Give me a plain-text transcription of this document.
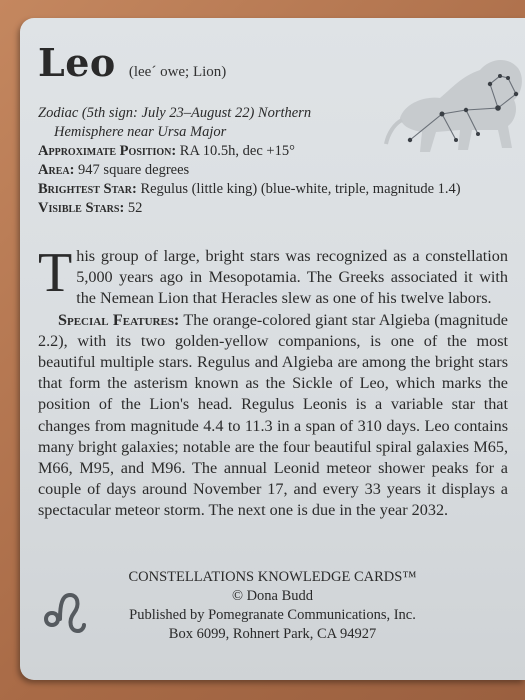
Leo (lee´ owe; Lion)
Zodiac (5th sign: July 23–August 22) Northern
Hemisphere near Ursa Major
Approximate Position: RA 10.5h, dec +15°
Area: 947 square degrees
Brightest Star: Regulus (little king) (blue-white, triple, magnitude 1.4)
Visible Stars: 52

This group of large, bright stars was recognized as a constellation 5,000 years ago in Mesopotamia. The Greeks associated it with the Nemean Lion that Heracles slew as one of his twelve labors.

Special Features: The orange-colored giant star Algieba (magnitude 2.2), with its two golden-yellow companions, is one of the most beautiful multiple stars. Regulus and Algieba are among the bright stars that form the asterism known as the Sickle of Leo, which marks the position of the Lion's head. Regulus Leonis is a variable star that changes from magnitude 4.4 to 11.3 in a span of 310 days. Leo contains many bright galaxies; notable are the four beautiful spiral galaxies M65, M66, M95, and M96. The annual Leonid meteor shower peaks for a couple of days around November 17, and every 33 years it displays a spectacular meteor storm. The next one is due in the year 2032.

CONSTELLATIONS KNOWLEDGE CARDS™
© Dona Budd
Published by Pomegranate Communications, Inc.
Box 6099, Rohnert Park, CA 94927
